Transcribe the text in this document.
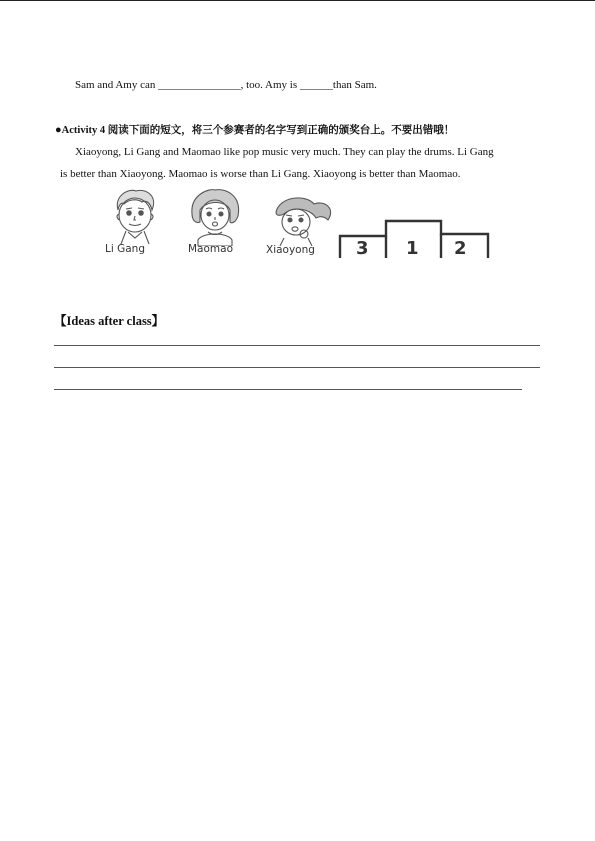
Sam and Amy can _______________, too. Amy is ______than Sam.
●Activity 4 阅读下面的短文，将三个参赛者的名字写到正确的颁奖台上。不要出错哦！
Xiaoyong, Li Gang and Maomao like pop music very much. They can play the drums. Li Gang
is better than Xiaoyong. Maomao is worse than Li Gang. Xiaoyong is better than Maomao.
Li Gang	Maomao	Xiaoyong 3 1 2
【Ideas after class】
